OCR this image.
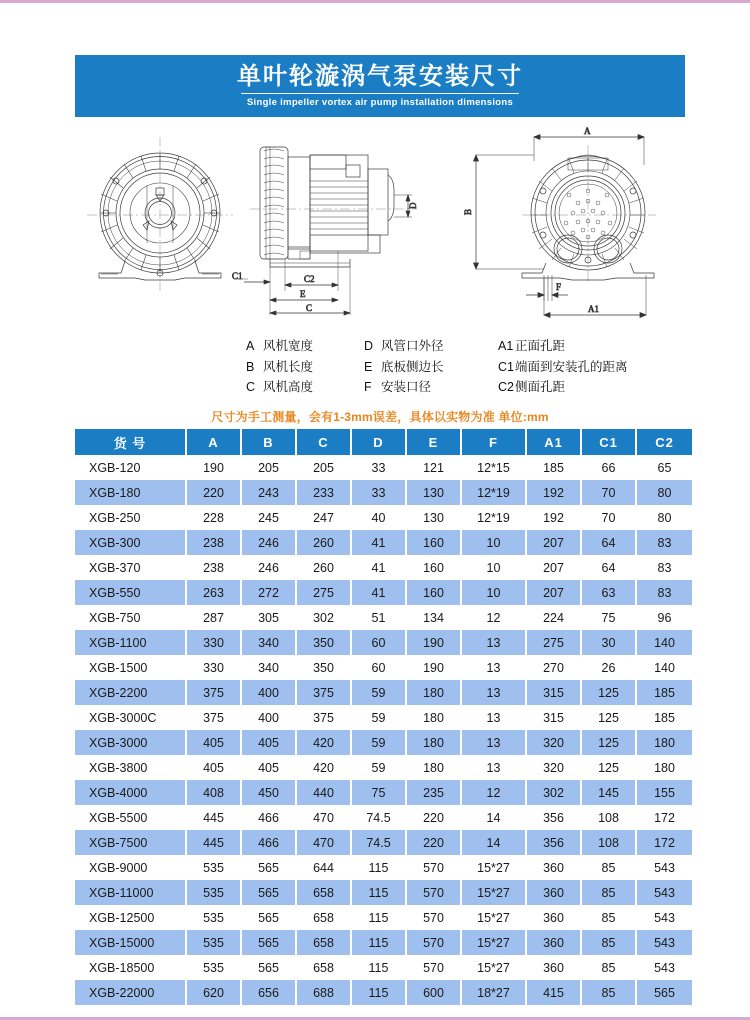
单叶轮漩涡气泵安装尺寸
Single impeller vortex air pump installation dimensions
C1	C2
E
C
D
A
B
F
A1
A 风机宽度	D 风管口外径	A1 正面孔距
B 风机长度	E 底板侧边长	C1 端面到安装孔的距离
C 风机高度	F 安装口径	C2 侧面孔距
尺寸为手工测量，会有1-3mm误差，具体以实物为准 单位:mm
货 号	A	B	C	D	E	F	A1	C1	C2
XGB-120	190	205	205	33	121	12*15	185	66	65
XGB-180	220	243	233	33	130	12*19	192	70	80
XGB-250	228	245	247	40	130	12*19	192	70	80
XGB-300	238	246	260	41	160	10	207	64	83
XGB-370	238	246	260	41	160	10	207	64	83
XGB-550	263	272	275	41	160	10	207	63	83
XGB-750	287	305	302	51	134	12	224	75	96
XGB-1100	330	340	350	60	190	13	275	30	140
XGB-1500	330	340	350	60	190	13	270	26	140
XGB-2200	375	400	375	59	180	13	315	125	185
XGB-3000C	375	400	375	59	180	13	315	125	185
XGB-3000	405	405	420	59	180	13	320	125	180
XGB-3800	405	405	420	59	180	13	320	125	180
XGB-4000	408	450	440	75	235	12	302	145	155
XGB-5500	445	466	470	74.5	220	14	356	108	172
XGB-7500	445	466	470	74.5	220	14	356	108	172
XGB-9000	535	565	644	115	570	15*27	360	85	543
XGB-11000	535	565	658	115	570	15*27	360	85	543
XGB-12500	535	565	658	115	570	15*27	360	85	543
XGB-15000	535	565	658	115	570	15*27	360	85	543
XGB-18500	535	565	658	115	570	15*27	360	85	543
XGB-22000	620	656	688	115	600	18*27	415	85	565
